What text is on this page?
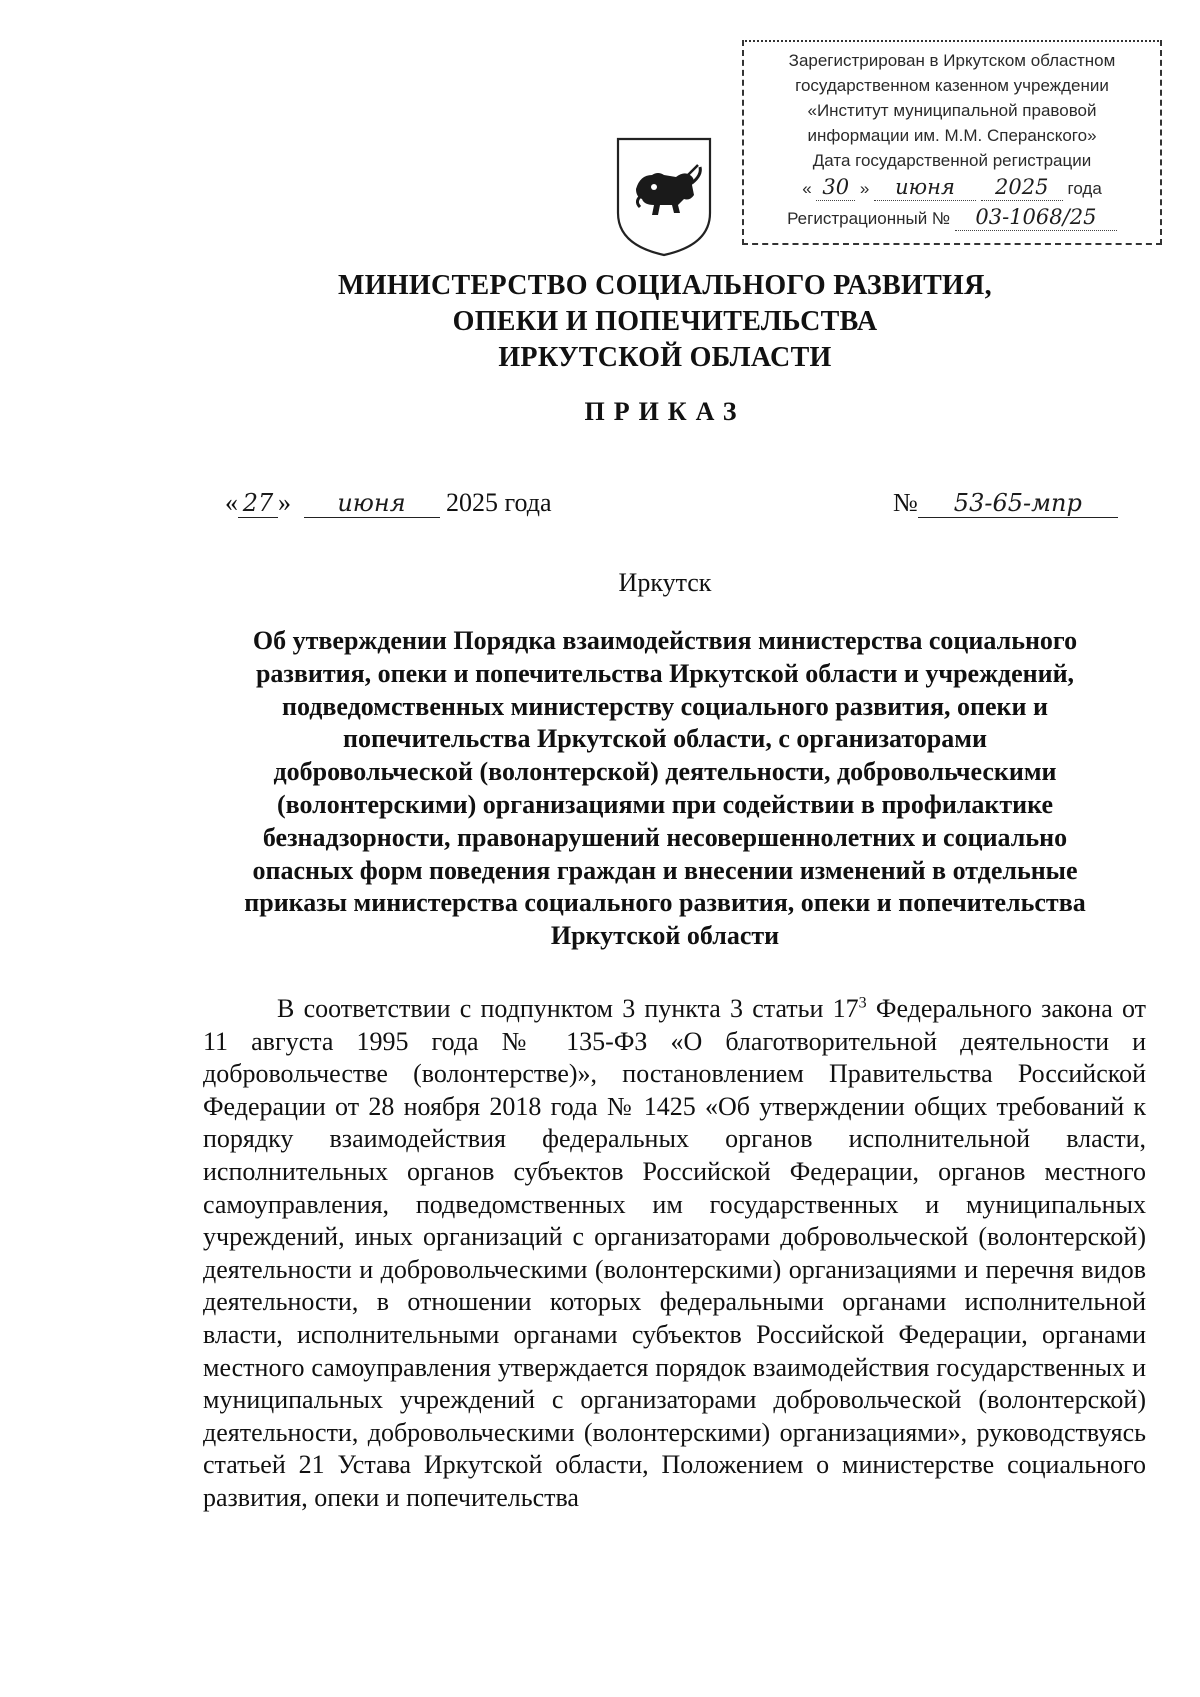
Зарегистрирован в Иркутском областном
государственном казенном учреждении
«Институт муниципальной правовой
информации им. М.М. Сперанского»
Дата государственной регистрации
« 30 » июня 2025 года
Регистрационный № 03-1068/25
МИНИСТЕРСТВО СОЦИАЛЬНОГО РАЗВИТИЯ,
ОПЕКИ И ПОПЕЧИТЕЛЬСТВА
ИРКУТСКОЙ ОБЛАСТИ
ПРИКАЗ
« 27 » июня 2025 года	№ 53-65-мпр
Иркутск
Об утверждении Порядка взаимодействия министерства социального
развития, опеки и попечительства Иркутской области и учреждений,
подведомственных министерству социального развития, опеки и
попечительства Иркутской области, с организаторами
добровольческой (волонтерской) деятельности, добровольческими
(волонтерскими) организациями при содействии в профилактике
безнадзорности, правонарушений несовершеннолетних и социально
опасных форм поведения граждан и внесении изменений в отдельные
приказы министерства социального развития, опеки и попечительства
Иркутской области

В соответствии с подпунктом 3 пункта 3 статьи $17^3$ Федерального закона от 11 августа 1995 года № 135-ФЗ «О благотворительной деятельности и добровольчестве (волонтерстве)», постановлением Правительства Российской Федерации от 28 ноября 2018 года № 1425 «Об утверждении общих требований к порядку взаимодействия федеральных органов исполнительной власти, исполнительных органов субъектов Российской Федерации, органов местного самоуправления, подведомственных им государственных и муниципальных учреждений, иных организаций с организаторами добровольческой (волонтерской) деятельности и добровольческими (волонтерскими) организациями и перечня видов деятельности, в отношении которых федеральными органами исполнительной власти, исполнительными органами субъектов Российской Федерации, органами местного самоуправления утверждается порядок взаимодействия государственных и муниципальных учреждений с организаторами добровольческой (волонтерской) деятельности, добровольческими (волонтерскими) организациями», руководствуясь статьей 21 Устава Иркутской области, Положением о министерстве социального развития, опеки и попечительства
